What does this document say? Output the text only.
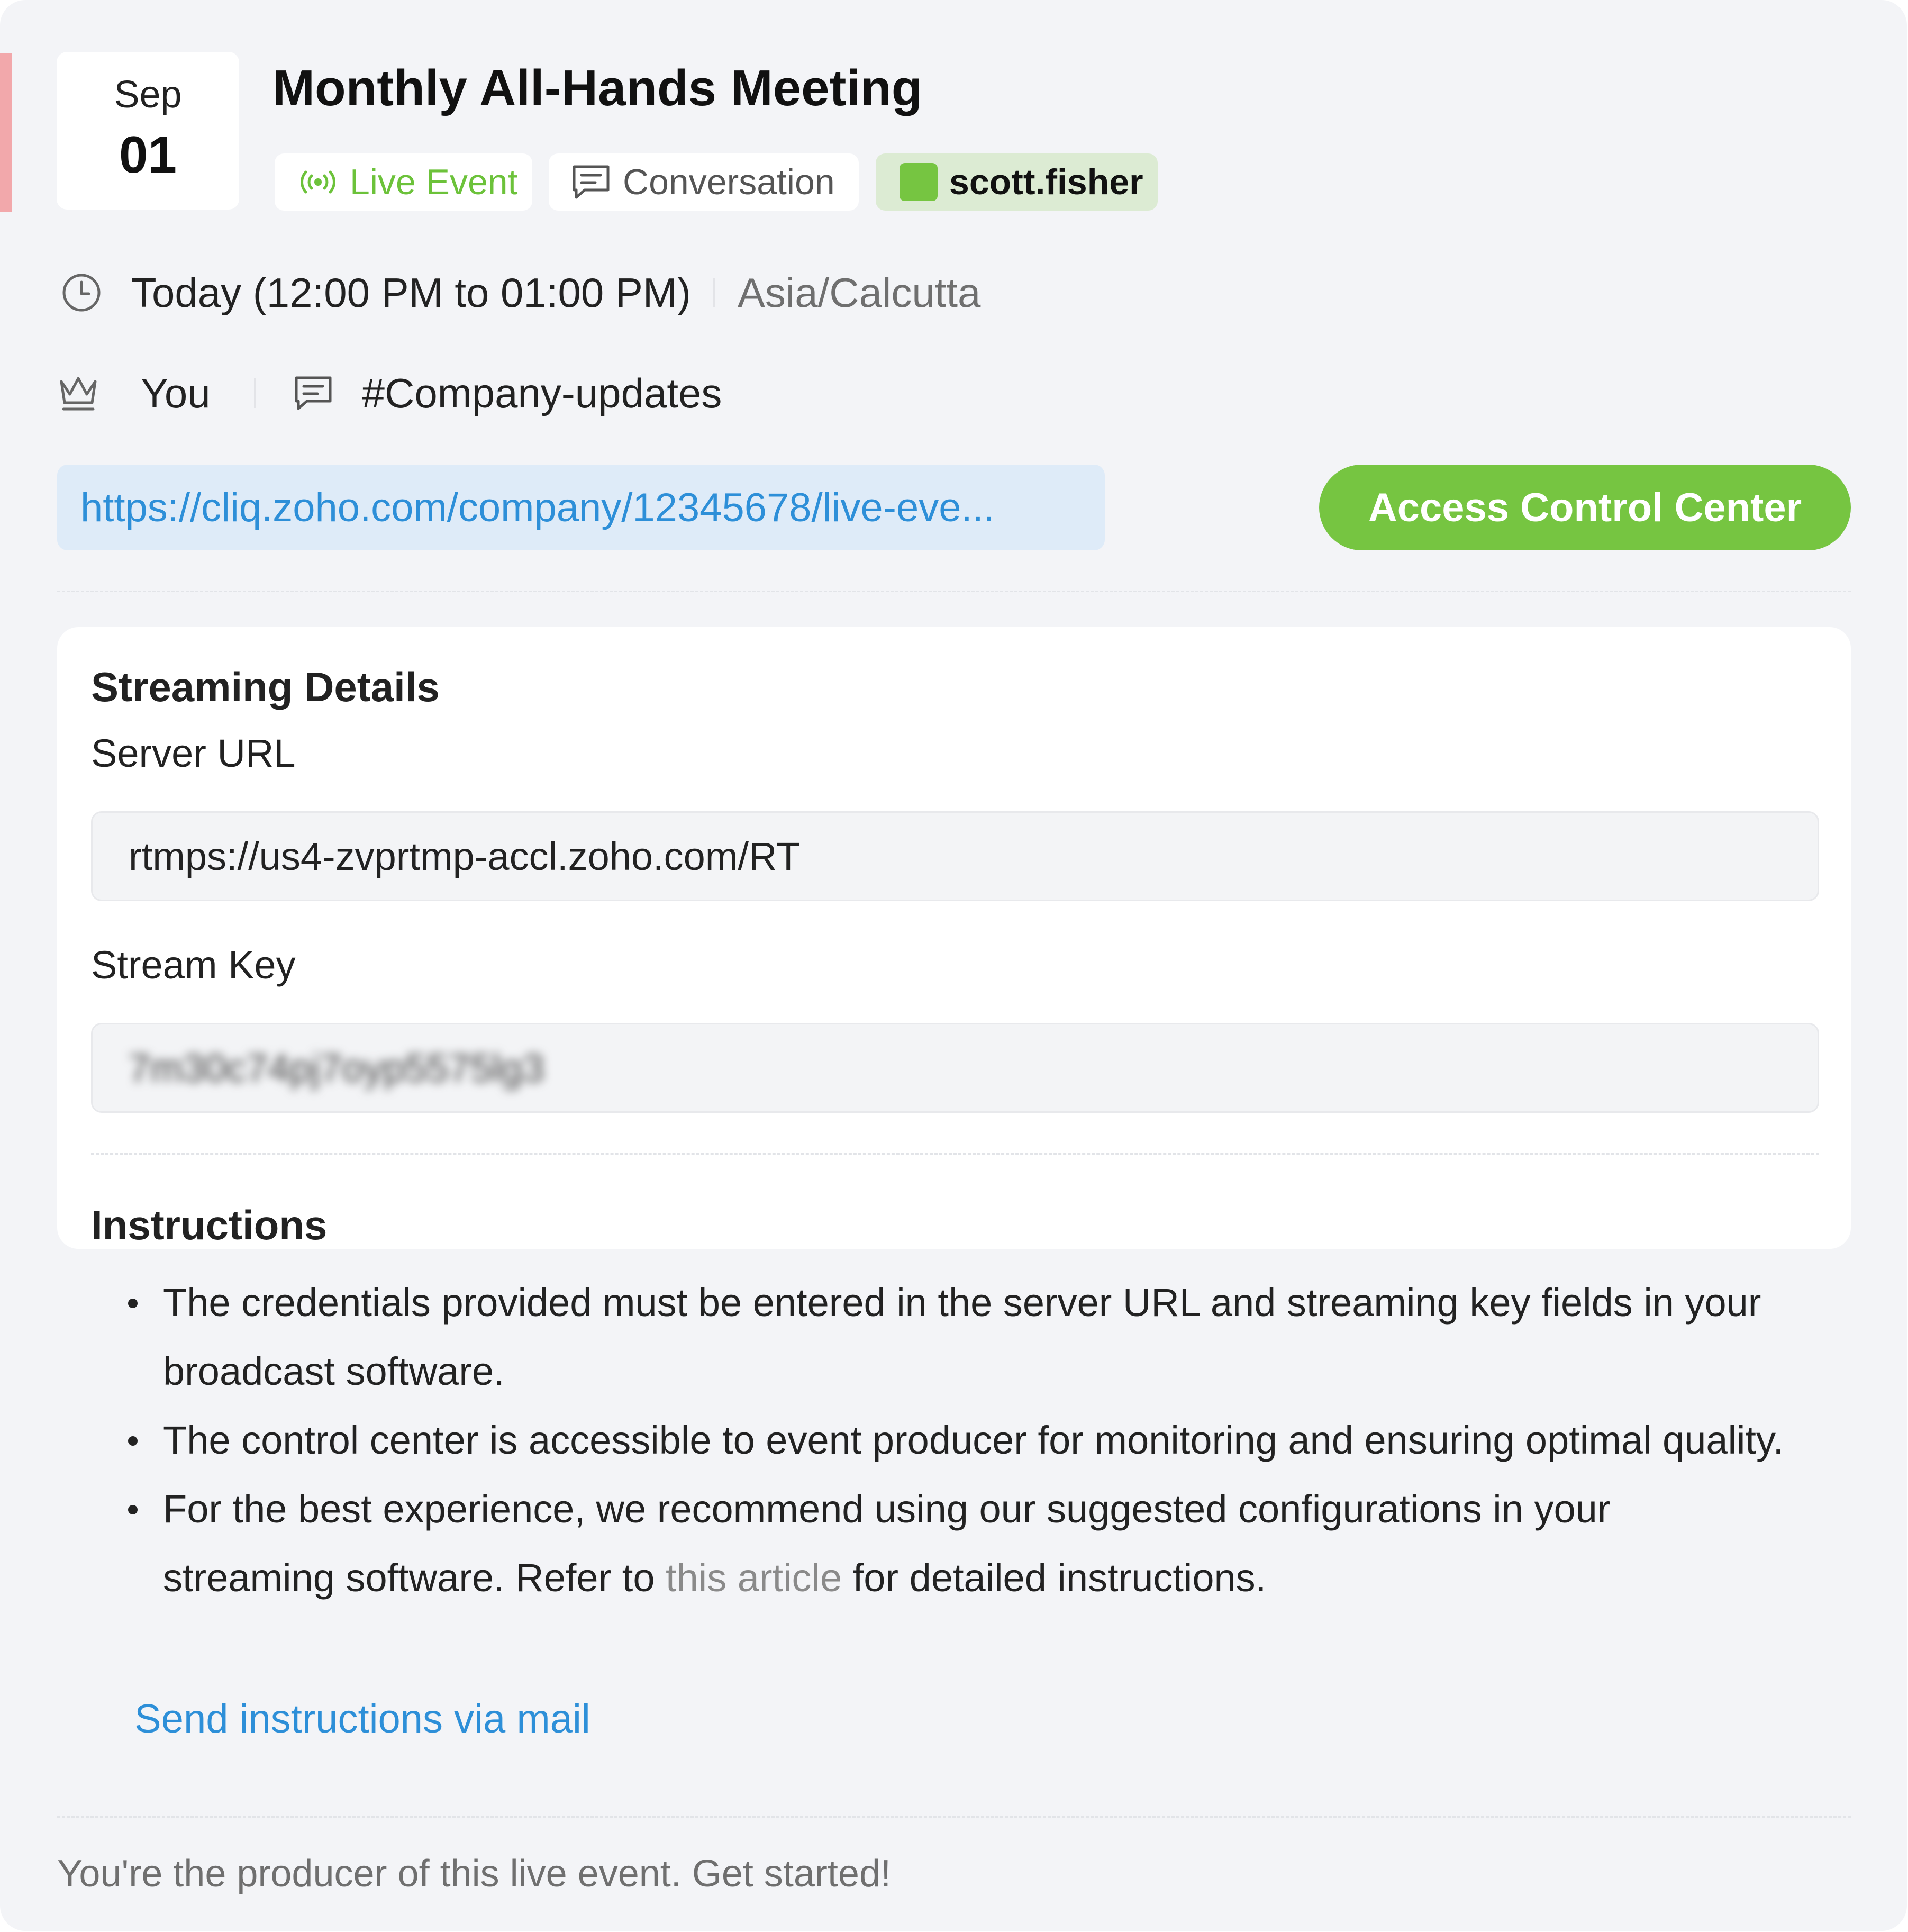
Sep
01
Monthly All-Hands Meeting
Live Event	Conversation	scott.fisher
Today (12:00 PM to 01:00 PM) Asia/Calcutta
You	#Company-updates
https://cliq.zoho.com/company/12345678/live-eve...	Access Control Center
Streaming Details
Server URL
rtmps://us4-zvprtmp-accl.zoho.com/RT
Stream Key
7m30c74pj7oyp5575lg3
Instructions
The credentials provided must be entered in the server URL and streaming key fields in your broadcast software.
The control center is accessible to event producer for monitoring and ensuring optimal quality.
For the best experience, we recommend using our suggested configurations in your streaming software. Refer to this article for detailed instructions.
Send instructions via mail
You're the producer of this live event. Get started!
